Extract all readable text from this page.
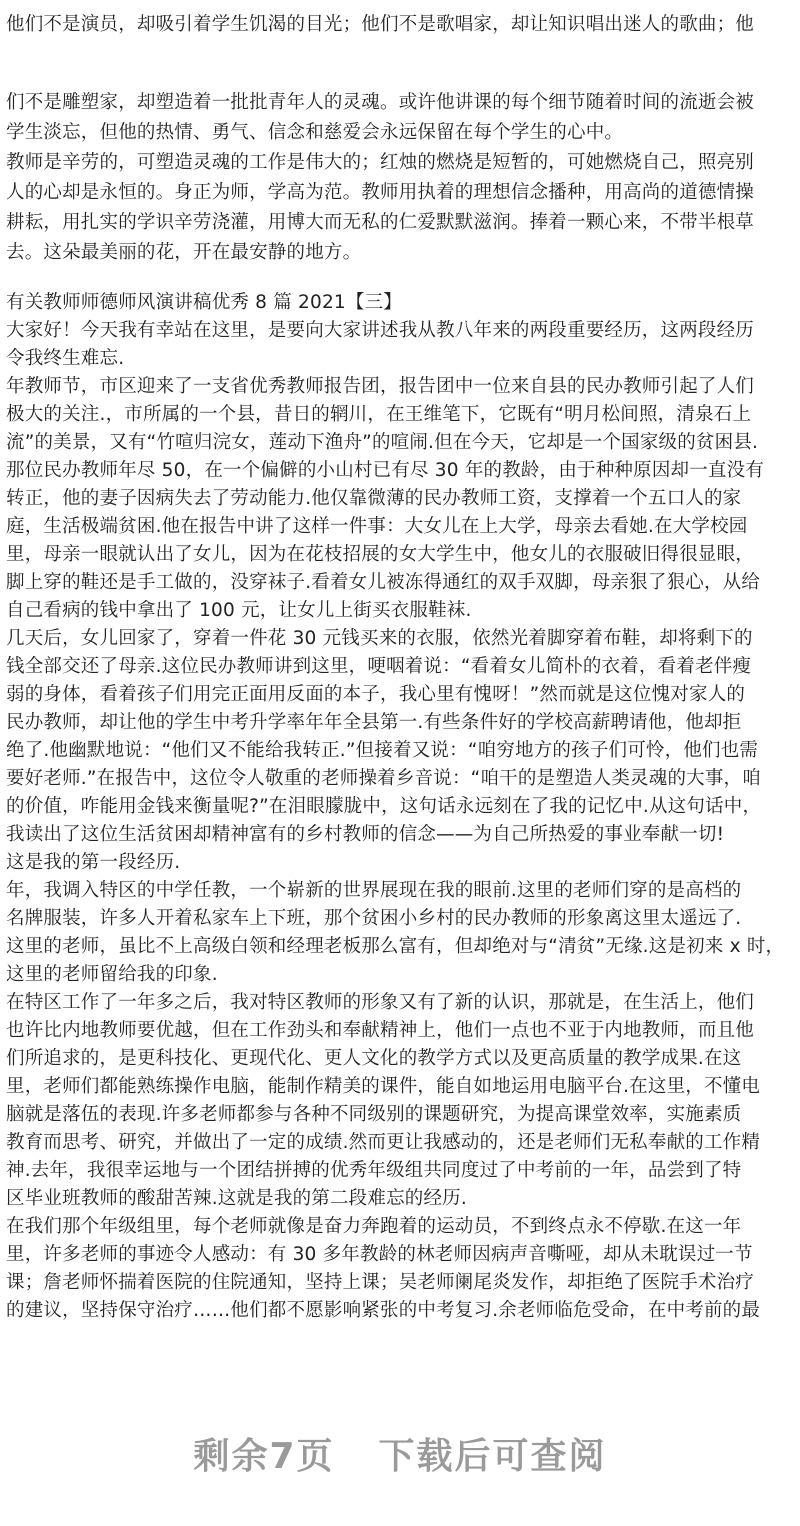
他们不是演员，却吸引着学生饥渴的目光；他们不是歌唱家，却让知识唱出迷人的歌曲；他
们不是雕塑家，却塑造着一批批青年人的灵魂。或许他讲课的每个细节随着时间的流逝会被
学生淡忘，但他的热情、勇气、信念和慈爱会永远保留在每个学生的心中。
教师是辛劳的，可塑造灵魂的工作是伟大的；红烛的燃烧是短暂的，可她燃烧自己，照亮别
人的心却是永恒的。身正为师，学高为范。教师用执着的理想信念播种，用高尚的道德情操
耕耘，用扎实的学识辛劳浇灌，用博大而无私的仁爱默默滋润。捧着一颗心来，不带半根草
去。这朵最美丽的花，开在最安静的地方。
有关教师师德师风演讲稿优秀 8 篇 2021【三】
大家好！今天我有幸站在这里，是要向大家讲述我从教八年来的两段重要经历，这两段经历
令我终生难忘.
年教师节，市区迎来了一支省优秀教师报告团，报告团中一位来自县的民办教师引起了人们
极大的关注.，市所属的一个县，昔日的辋川，在王维笔下，它既有“明月松间照，清泉石上
流”的美景，又有“竹喧归浣女，莲动下渔舟”的喧闹.但在今天，它却是一个国家级的贫困县.
那位民办教师年尽 50，在一个偏僻的小山村已有尽 30 年的教龄，由于种种原因却一直没有
转正，他的妻子因病失去了劳动能力.他仅靠微薄的民办教师工资，支撑着一个五口人的家
庭，生活极端贫困.他在报告中讲了这样一件事：大女儿在上大学，母亲去看她.在大学校园
里，母亲一眼就认出了女儿，因为在花枝招展的女大学生中，他女儿的衣服破旧得很显眼，
脚上穿的鞋还是手工做的，没穿袜子.看着女儿被冻得通红的双手双脚，母亲狠了狠心，从给
自己看病的钱中拿出了 100 元，让女儿上街买衣服鞋袜.
几天后，女儿回家了，穿着一件花 30 元钱买来的衣服，依然光着脚穿着布鞋，却将剩下的
钱全部交还了母亲.这位民办教师讲到这里，哽咽着说：“看着女儿简朴的衣着，看着老伴瘦
弱的身体，看着孩子们用完正面用反面的本子，我心里有愧呀！”然而就是这位愧对家人的
民办教师，却让他的学生中考升学率年年全县第一.有些条件好的学校高薪聘请他，他却拒
绝了.他幽默地说：“他们又不能给我转正.”但接着又说：“咱穷地方的孩子们可怜，他们也需
要好老师.”在报告中，这位令人敬重的老师操着乡音说：“咱干的是塑造人类灵魂的大事，咱
的价值，咋能用金钱来衡量呢?”在泪眼朦胧中，这句话永远刻在了我的记忆中.从这句话中，
我读出了这位生活贫困却精神富有的乡村教师的信念——为自己所热爱的事业奉献一切!
这是我的第一段经历.
年，我调入特区的中学任教，一个崭新的世界展现在我的眼前.这里的老师们穿的是高档的
名牌服装，许多人开着私家车上下班，那个贫困小乡村的民办教师的形象离这里太遥远了.
这里的老师，虽比不上高级白领和经理老板那么富有，但却绝对与“清贫”无缘.这是初来 x 时，
这里的老师留给我的印象.
在特区工作了一年多之后，我对特区教师的形象又有了新的认识，那就是，在生活上，他们
也许比内地教师要优越，但在工作劲头和奉献精神上，他们一点也不亚于内地教师，而且他
们所追求的，是更科技化、更现代化、更人文化的教学方式以及更高质量的教学成果.在这
里，老师们都能熟练操作电脑，能制作精美的课件，能自如地运用电脑平台.在这里，不懂电
脑就是落伍的表现.许多老师都参与各种不同级别的课题研究，为提高课堂效率，实施素质
教育而思考、研究，并做出了一定的成绩.然而更让我感动的，还是老师们无私奉献的工作精
神.去年，我很幸运地与一个团结拼搏的优秀年级组共同度过了中考前的一年，品尝到了特
区毕业班教师的酸甜苦辣.这就是我的第二段难忘的经历.
在我们那个年级组里，每个老师就像是奋力奔跑着的运动员，不到终点永不停歇.在这一年
里，许多老师的事迹令人感动：有 30 多年教龄的林老师因病声音嘶哑，却从未耽误过一节
课；詹老师怀揣着医院的住院通知，坚持上课；吴老师阑尾炎发作，却拒绝了医院手术治疗
的建议，坚持保守治疗……他们都不愿影响紧张的中考复习.余老师临危受命，在中考前的最
剩余7页 下载后可查阅
